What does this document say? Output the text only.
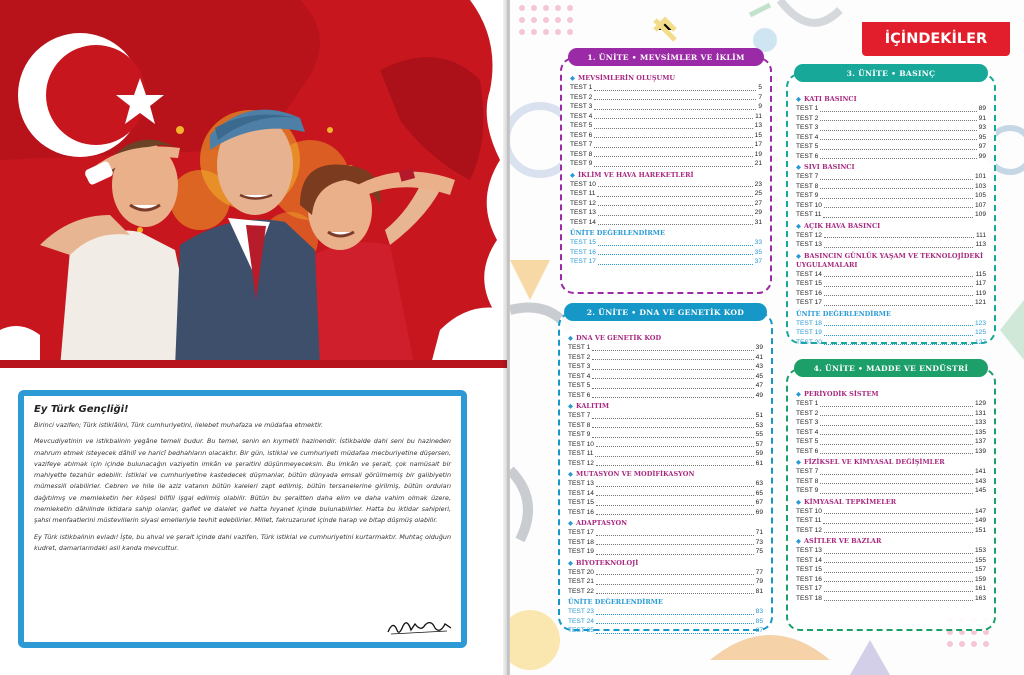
Ey Türk Gençliği!

Birinci vazifen; Türk istiklâlini, Türk cumhuriyetini, ilelebet muhafaza ve müdafaa etmektir.

Mevcudiyetinin ve istikbalinin yegâne temeli budur. Bu temel, senin en kıymetli hazinendir. İstikbalde dahi seni bu hazineden mahrum etmek isteyecek dâhilî ve haricî bedhahların olacaktır. Bir gün, istiklal ve cumhuriyeti müdafaa mecburiyetine düşersen, vazifeye atılmak için içinde bulunacağın vaziyetin imkân ve şeraitini düşünmeyeceksin. Bu imkân ve şerait, çok namüsait bir mahiyette tezahür edebilir. İstiklal ve cumhuriyetine kastedecek düşmanlar, bütün dünyada emsali görülmemiş bir galibiyetin mümessili olabilirler. Cebren ve hile ile aziz vatanın bütün kaleleri zapt edilmiş, bütün tersanelerine girilmiş, bütün orduları dağıtılmış ve memleketin her köşesi bilfiil işgal edilmiş olabilir. Bütün bu şeraitten daha elim ve daha vahim olmak üzere, memleketin dâhilinde iktidara sahip olanlar, gaflet ve dalalet ve hatta hıyanet içinde bulunabilirler. Hatta bu iktidar sahipleri, şahsi menfaatlerini müstevlilerin siyasi emelleriyle tevhit edebilirler. Millet, fakruzaruret içinde harap ve bitap düşmüş olabilir.

Ey Türk istikbalinin evladı! İşte, bu ahval ve şerait içinde dahi vazifen, Türk istiklal ve cumhuriyetini kurtarmaktır. Muhtaç olduğun kudret, damarlarındaki asil kanda mevcuttur.

İÇİNDEKİLER
1. ÜNİTE • MEVSİMLER VE İKLİM
◆ MEVSİMLERİN OLUŞUMU
TEST 1	5
TEST 2	7
TEST 3	9
TEST 4	11
TEST 5	13
TEST 6	15
TEST 7	17
TEST 8	19
TEST 9	21
◆ İKLİM VE HAVA HAREKETLERİ
TEST 10	23
TEST 11	25
TEST 12	27
TEST 13	29
TEST 14	31
ÜNİTE DEĞERLENDİRME
TEST 15	33
TEST 16	35
TEST 17	37
2. ÜNİTE • DNA VE GENETİK KOD
◆ DNA VE GENETİK KOD
TEST 1	39
TEST 2	41
TEST 3	43
TEST 4	45
TEST 5	47
TEST 6	49
◆ KALITIM
TEST 7	51
TEST 8	53
TEST 9	55
TEST 10	57
TEST 11	59
TEST 12	61
◆ MUTASYON VE MODİFİKASYON
TEST 13	63
TEST 14	65
TEST 15	67
TEST 16	69
◆ ADAPTASYON
TEST 17	71
TEST 18	73
TEST 19	75
◆ BİYOTEKNOLOJİ
TEST 20	77
TEST 21	79
TEST 22	81
ÜNİTE DEĞERLENDİRME
TEST 23	83
TEST 24	85
TEST 25	87
3. ÜNİTE • BASINÇ
◆ KATI BASINCI
TEST 1	89
TEST 2	91
TEST 3	93
TEST 4	95
TEST 5	97
TEST 6	99
◆ SIVI BASINCI
TEST 7	101
TEST 8	103
TEST 9	105
TEST 10	107
TEST 11	109
◆ AÇIK HAVA BASINCI
TEST 12	111
TEST 13	113
◆ BASINCIN GÜNLÜK YAŞAM VE TEKNOLOJİDEKİ UYGULAMALARI
TEST 14	115
TEST 15	117
TEST 16	119
TEST 17	121
ÜNİTE DEĞERLENDİRME
TEST 18	123
TEST 19	125
TEST 20	127
4. ÜNİTE • MADDE VE ENDÜSTRİ
◆ PERİYODİK SİSTEM
TEST 1	129
TEST 2	131
TEST 3	133
TEST 4	135
TEST 5	137
TEST 6	139
◆ FİZİKSEL VE KİMYASAL DEĞİŞİMLER
TEST 7	141
TEST 8	143
TEST 9	145
◆ KİMYASAL TEPKİMELER
TEST 10	147
TEST 11	149
TEST 12	151
◆ ASİTLER VE BAZLAR
TEST 13	153
TEST 14	155
TEST 15	157
TEST 16	159
TEST 17	161
TEST 18	163
